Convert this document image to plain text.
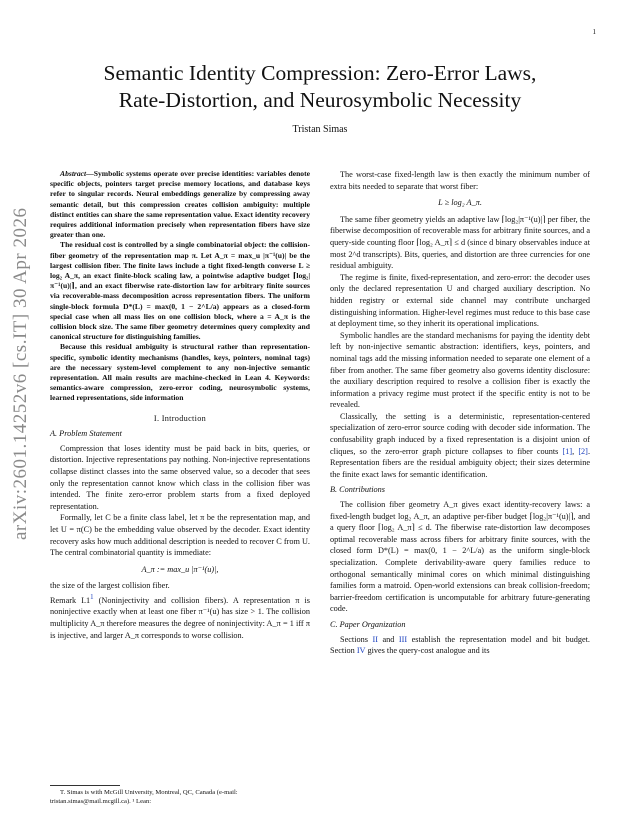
1
arXiv:2601.14252v6 [cs.IT] 30 Apr 2026
Semantic Identity Compression: Zero-Error Laws,
Rate-Distortion, and Neurosymbolic Necessity
Tristan Simas

Abstract—Symbolic systems operate over precise identities: variables denote specific objects, pointers target precise memory locations, and database keys refer to singular records. Neural embeddings generalize by compressing away semantic detail, but this compression creates collision ambiguity: multiple distinct entities can share the same representation value. Exact identity recovery requires additional information precisely when representation fibers have size greater than one.

The residual cost is controlled by a single combinatorial object: the collision-fiber geometry of the representation map π. Let A_π = max_u |π⁻¹(u)| be the largest collision fiber. The finite laws include a tight fixed-length converse L ≥ log₂ A_π, an exact finite-block scaling law, a pointwise adaptive budget ⌈log₂|π⁻¹(u)|⌉, and an exact fiberwise rate-distortion law for arbitrary finite sources via recoverable-mass decomposition across representation fibers. The uniform single-block formula D*(L) = max(0, 1 − 2^L/a) appears as a closed-form special case when all mass lies on one collision block, where a = A_π is the collision block size. The same fiber geometry determines query complexity and canonical structure for distinguishing families.

Because this residual ambiguity is structural rather than representation-specific, symbolic identity mechanisms (handles, keys, pointers, nominal tags) are the necessary system-level complement to any non-injective semantic representation. All main results are machine-checked in Lean 4. Keywords: semantics-aware compression, zero-error coding, neurosymbolic systems, learned representations, side information

I. Introduction
A. Problem Statement

Compression that loses identity must be paid back in bits, queries, or distortion. Injective representations pay nothing. Non-injective representations collapse distinct classes into the same observed value, so a decoder that sees only the representation cannot know which class in the collision fiber was intended. The finite zero-error problem starts from a fixed deployed representation.

Formally, let C be a finite class label, let π be the representation map, and let U = π(C) be the embedding value observed by the decoder. Exact identity recovery asks how much additional description is needed to recover C from U. The central combinatorial quantity is immediate:

A_π := max_u |π⁻¹(u)|,

the size of the largest collision fiber.

Remark I.1$^1$ (Noninjectivity and collision fibers). A representation π is noninjective exactly when at least one fiber π⁻¹(u) has size > 1. The collision multiplicity A_π therefore measures the degree of noninjectivity: A_π = 1 iff π is injective, and larger A_π corresponds to worse collision.

T. Simas is with McGill University, Montreal, QC, Canada (e-mail: tristan.simas@mail.mcgill.ca). ¹ Lean:

The worst-case fixed-length law is then exactly the minimum number of extra bits needed to separate that worst fiber:

L ≥ log₂ A_π.

The same fiber geometry yields an adaptive law ⌈log₂|π⁻¹(u)|⌉ per fiber, the fiberwise decomposition of recoverable mass for arbitrary finite sources, and a query-side counting floor ⌈log₂ A_π⌉ ≤ d (since d binary observables induce at most 2^d transcripts). Bits, queries, and distortion are three currencies for one residual ambiguity.

The regime is finite, fixed-representation, and zero-error: the decoder uses only the declared representation U and charged auxiliary description. No hidden registry or external side channel may contribute uncharged distinguishing information. Higher-level regimes must reduce to this base case at deployment time, so they inherit its operational implications.

Symbolic handles are the standard mechanisms for paying the identity debt left by non-injective semantic abstraction: identifiers, keys, pointers, and nominal tags add the missing information needed to separate one element of a fiber from another. The same fiber geometry also governs identity disclosure: the auxiliary description required to resolve a collision fiber is exactly the information a privacy regime must protect if the specific entity is not to be revealed.

Classically, the setting is a deterministic, representation-centered specialization of zero-error source coding with decoder side information. The confusability graph induced by a fixed representation is a disjoint union of cliques, so the zero-error graph picture collapses to fiber counts [1], [2]. Representation fibers are the residual ambiguity object; their sizes determine the finite exact laws for semantic identification.

B. Contributions

The collision fiber geometry A_π gives exact identity-recovery laws: a fixed-length budget log₂ A_π, an adaptive per-fiber budget ⌈log₂|π⁻¹(u)|⌉, and a query floor ⌈log₂ A_π⌉ ≤ d. The fiberwise rate-distortion law decomposes optimal recoverable mass across fibers for arbitrary finite sources, with the closed form D*(L) = max(0, 1 − 2^L/a) as the uniform single-block specialization. Complete derivability-aware query families reduce to orthogonal semantically minimal cores on which minimal distinguishing families form a matroid. Open-world extensions can break collision-freedom; barrier-freedom certification is uncomputable for arbitrary future-generating code.

C. Paper Organization

Sections II and III establish the representation model and bit budget. Section IV gives the query-cost analogue and its
